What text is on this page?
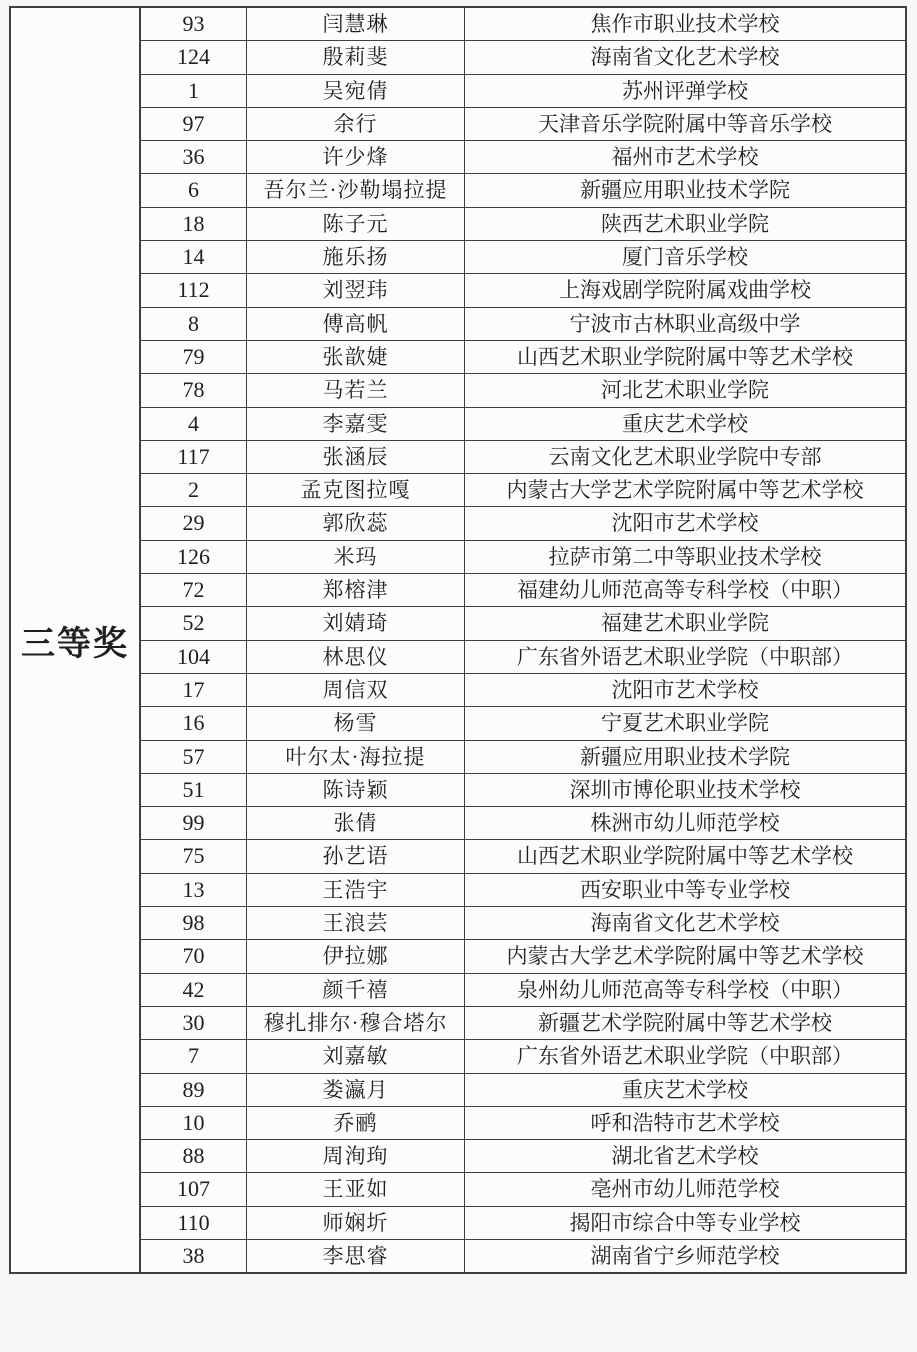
三等奖
93	闫慧琳	焦作市职业技术学校
124	殷莉斐	海南省文化艺术学校
1	吴宛倩	苏州评弹学校
97	余行	天津音乐学院附属中等音乐学校
36	许少烽	福州市艺术学校
6	吾尔兰·沙勒塌拉提	新疆应用职业技术学院
18	陈子元	陕西艺术职业学院
14	施乐扬	厦门音乐学校
112	刘翌玮	上海戏剧学院附属戏曲学校
8	傅高帆	宁波市古林职业高级中学
79	张歆婕	山西艺术职业学院附属中等艺术学校
78	马若兰	河北艺术职业学院
4	李嘉雯	重庆艺术学校
117	张涵辰	云南文化艺术职业学院中专部
2	孟克图拉嘎	内蒙古大学艺术学院附属中等艺术学校
29	郭欣蕊	沈阳市艺术学校
126	米玛	拉萨市第二中等职业技术学校
72	郑榕津	福建幼儿师范高等专科学校（中职）
52	刘婧琦	福建艺术职业学院
104	林思仪	广东省外语艺术职业学院（中职部）
17	周信双	沈阳市艺术学校
16	杨雪	宁夏艺术职业学院
57	叶尔太·海拉提	新疆应用职业技术学院
51	陈诗颖	深圳市博伦职业技术学校
99	张倩	株洲市幼儿师范学校
75	孙艺语	山西艺术职业学院附属中等艺术学校
13	王浩宇	西安职业中等专业学校
98	王浪芸	海南省文化艺术学校
70	伊拉娜	内蒙古大学艺术学院附属中等艺术学校
42	颜千禧	泉州幼儿师范高等专科学校（中职）
30	穆扎排尔·穆合塔尔	新疆艺术学院附属中等艺术学校
7	刘嘉敏	广东省外语艺术职业学院（中职部）
89	娄瀛月	重庆艺术学校
10	乔鹂	呼和浩特市艺术学校
88	周洵珣	湖北省艺术学校
107	王亚如	亳州市幼儿师范学校
110	师娴圻	揭阳市综合中等专业学校
38	李思睿	湖南省宁乡师范学校
